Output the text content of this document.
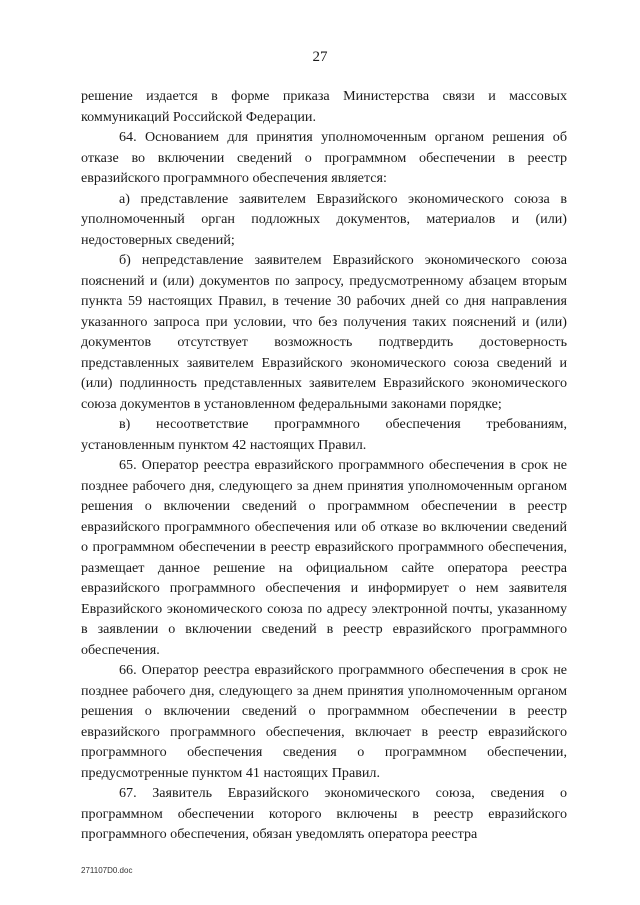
27

решение издается в форме приказа Министерства связи и массовых коммуникаций Российской Федерации.

64. Основанием для принятия уполномоченным органом решения об отказе во включении сведений о программном обеспечении в реестр евразийского программного обеспечения является:

а) представление заявителем Евразийского экономического союза в уполномоченный орган подложных документов, материалов и (или) недостоверных сведений;

б) непредставление заявителем Евразийского экономического союза пояснений и (или) документов по запросу, предусмотренному абзацем вторым пункта 59 настоящих Правил, в течение 30 рабочих дней со дня направления указанного запроса при условии, что без получения таких пояснений и (или) документов отсутствует возможность подтвердить достоверность представленных заявителем Евразийского экономического союза сведений и (или) подлинность представленных заявителем Евразийского экономического союза документов в установленном федеральными законами порядке;

в) несоответствие программного обеспечения требованиям, установленным пунктом 42 настоящих Правил.

65. Оператор реестра евразийского программного обеспечения в срок не позднее рабочего дня, следующего за днем принятия уполномоченным органом решения о включении сведений о программном обеспечении в реестр евразийского программного обеспечения или об отказе во включении сведений о программном обеспечении в реестр евразийского программного обеспечения, размещает данное решение на официальном сайте оператора реестра евразийского программного обеспечения и информирует о нем заявителя Евразийского экономического союза по адресу электронной почты, указанному в заявлении о включении сведений в реестр евразийского программного обеспечения.

66. Оператор реестра евразийского программного обеспечения в срок не позднее рабочего дня, следующего за днем принятия уполномоченным органом решения о включении сведений о программном обеспечении в реестр евразийского программного обеспечения, включает в реестр евразийского программного обеспечения сведения о программном обеспечении, предусмотренные пунктом 41 настоящих Правил.

67. Заявитель Евразийского экономического союза, сведения о программном обеспечении которого включены в реестр евразийского программного обеспечения, обязан уведомлять оператора реестра

271107D0.doc
